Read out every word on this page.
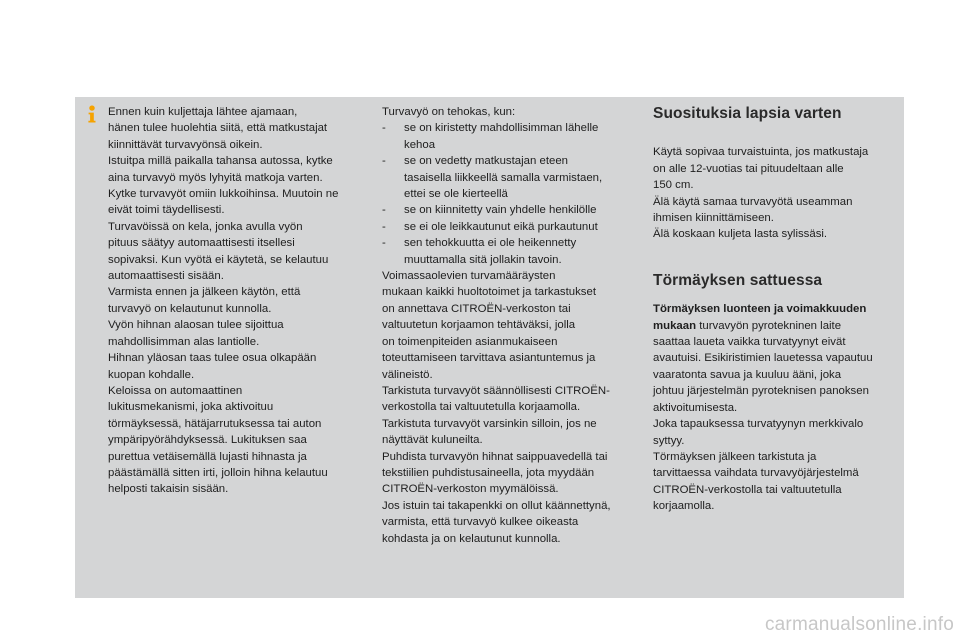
Ennen kuin kuljettaja lähtee ajamaan,

hänen tulee huolehtia siitä, että matkustajat

kiinnittävät turvavyönsä oikein.

Istuitpa millä paikalla tahansa autossa, kytke

aina turvavyö myös lyhyitä matkoja varten.

Kytke turvavyöt omiin lukkoihinsa. Muutoin ne

eivät toimi täydellisesti.

Turvavöissä on kela, jonka avulla vyön

pituus säätyy automaattisesti itsellesi

sopivaksi. Kun vyötä ei käytetä, se kelautuu

automaattisesti sisään.

Varmista ennen ja jälkeen käytön, että

turvavyö on kelautunut kunnolla.

Vyön hihnan alaosan tulee sijoittua

mahdollisimman alas lantiolle.

Hihnan yläosan taas tulee osua olkapään

kuopan kohdalle.

Keloissa on automaattinen

lukitusmekanismi, joka aktivoituu

törmäyksessä, hätäjarrutuksessa tai auton

ympäripyörähdyksessä. Lukituksen saa

purettua vetäisemällä lujasti hihnasta ja

päästämällä sitten irti, jolloin hihna kelautuu

helposti takaisin sisään.

Turvavyö on tehokas, kun:

-	se on kiristetty mahdollisimman lähelle

kehoa

-	se on vedetty matkustajan eteen

tasaisella liikkeellä samalla varmistaen,

ettei se ole kierteellä

-	se on kiinnitetty vain yhdelle henkilölle

-	se ei ole leikkautunut eikä purkautunut

-	sen tehokkuutta ei ole heikennetty

muuttamalla sitä jollakin tavoin.

Voimassaolevien turvamääräysten

mukaan kaikki huoltotoimet ja tarkastukset

on annettava CITROËN-verkoston tai

valtuutetun korjaamon tehtäväksi, jolla

on toimenpiteiden asianmukaiseen

toteuttamiseen tarvittava asiantuntemus ja

välineistö.

Tarkistuta turvavyöt säännöllisesti CITROËN-

verkostolla tai valtuutetulla korjaamolla.

Tarkistuta turvavyöt varsinkin silloin, jos ne

näyttävät kuluneilta.

Puhdista turvavyön hihnat saippuavedellä tai

tekstiilien puhdistusaineella, jota myydään

CITROËN-verkoston myymälöissä.

Jos istuin tai takapenkki on ollut käännettynä,

varmista, että turvavyö kulkee oikeasta

kohdasta ja on kelautunut kunnolla.

Suosituksia lapsia varten

Käytä sopivaa turvaistuinta, jos matkustaja

on alle 12-vuotias tai pituudeltaan alle

150 cm.

Älä käytä samaa turvavyötä useamman

ihmisen kiinnittämiseen.

Älä koskaan kuljeta lasta sylissäsi.

Törmäyksen sattuessa

Törmäyksen luonteen ja voimakkuuden

mukaan turvavyön pyrotekninen laite

saattaa laueta vaikka turvatyynyt eivät

avautuisi. Esikiristimien lauetessa vapautuu

vaaratonta savua ja kuuluu ääni, joka

johtuu järjestelmän pyroteknisen panoksen

aktivoitumisesta.

Joka tapauksessa turvatyynyn merkkivalo

syttyy.

Törmäyksen jälkeen tarkistuta ja

tarvittaessa vaihdata turvavyöjärjestelmä

CITROËN-verkostolla tai valtuutetulla

korjaamolla.

carmanualsonline.info
